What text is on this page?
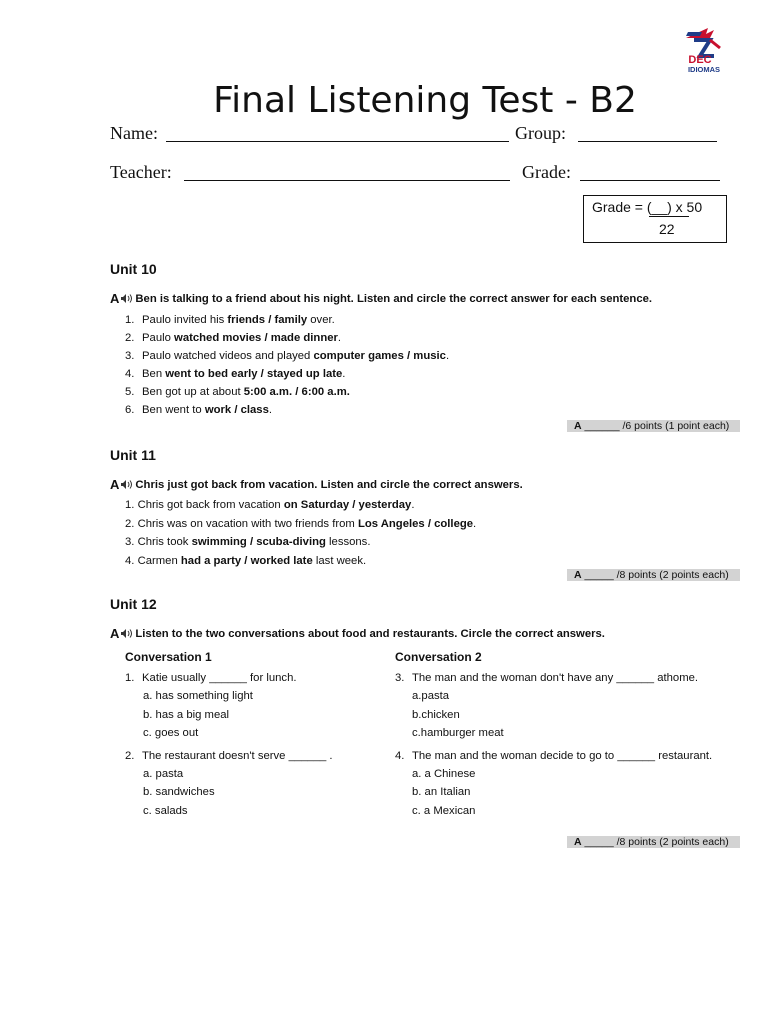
DEC
IDIOMAS
Final Listening Test - B2
Name:	Group:
Teacher:	Grade:
Grade = (__) x 50
22
Unit 10
A Ben is talking to a friend about his night. Listen and circle the correct answer for each sentence.
1. Paulo invited his friends / family over.
2. Paulo watched movies / made dinner.
3. Paulo watched videos and played computer games / music.
4. Ben went to bed early / stayed up late.
5. Ben got up at about 5:00 a.m. / 6:00 a.m.
6. Ben went to work / class.
A ______ /6 points (1 point each)
Unit 11
A Chris just got back from vacation. Listen and circle the correct answers.
1. Chris got back from vacation on Saturday / yesterday.
2. Chris was on vacation with two friends from Los Angeles / college.
3. Chris took swimming / scuba-diving lessons.
4. Carmen had a party / worked late last week.
A _____ /8 points (2 points each)
Unit 12
A Listen to the two conversations about food and restaurants. Circle the correct answers.
Conversation 1	Conversation 2
1. Katie usually ______ for lunch.
a. has something light
b. has a big meal
c. goes out
2. The restaurant doesn't serve ______ .
a. pasta
b. sandwiches
c. salads
3. The man and the woman don't have any ______ athome.
a.pasta
b.chicken
c.hamburger meat
4. The man and the woman decide to go to ______ restaurant.
a. a Chinese
b. an Italian
c. a Mexican
A _____ /8 points (2 points each)
